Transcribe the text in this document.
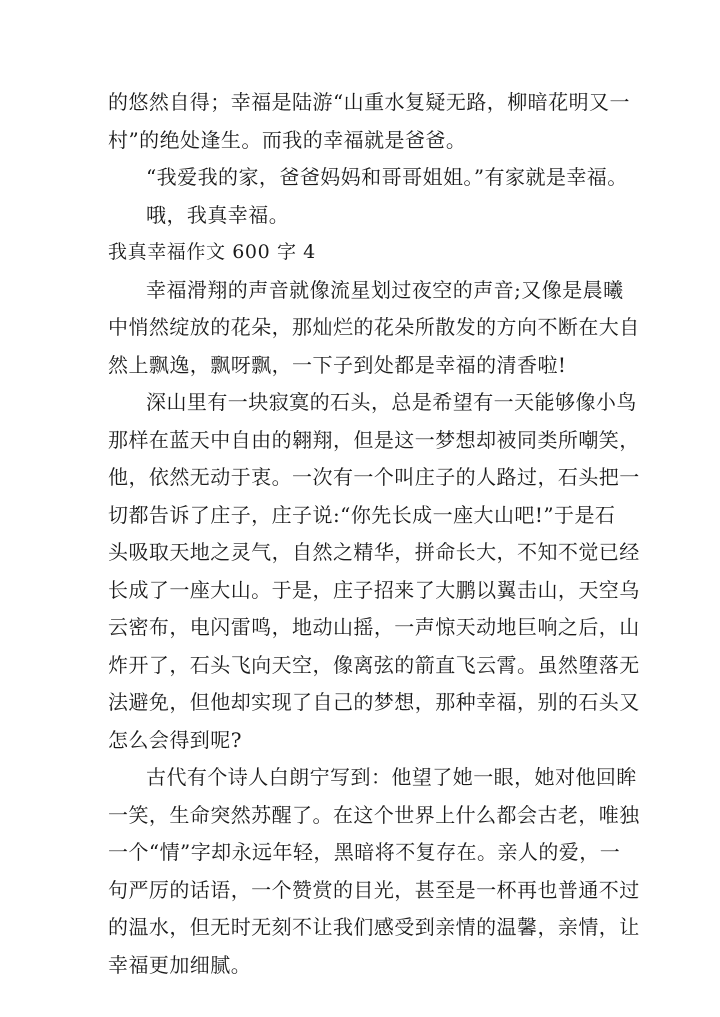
的悠然自得；幸福是陆游“山重水复疑无路，柳暗花明又一
村”的绝处逢生。而我的幸福就是爸爸。
“我爱我的家，爸爸妈妈和哥哥姐姐。”有家就是幸福。
哦，我真幸福。
我真幸福作文 600 字 4
幸福滑翔的声音就像流星划过夜空的声音;又像是晨曦
中悄然绽放的花朵，那灿烂的花朵所散发的方向不断在大自
然上飘逸，飘呀飘，一下子到处都是幸福的清香啦!
深山里有一块寂寞的石头，总是希望有一天能够像小鸟
那样在蓝天中自由的翱翔，但是这一梦想却被同类所嘲笑，
他，依然无动于衷。一次有一个叫庄子的人路过，石头把一
切都告诉了庄子，庄子说:“你先长成一座大山吧!”于是石
头吸取天地之灵气，自然之精华，拼命长大，不知不觉已经
长成了一座大山。于是，庄子招来了大鹏以翼击山，天空乌
云密布，电闪雷鸣，地动山摇，一声惊天动地巨响之后，山
炸开了，石头飞向天空，像离弦的箭直飞云霄。虽然堕落无
法避免，但他却实现了自己的梦想，那种幸福，别的石头又
怎么会得到呢?
古代有个诗人白朗宁写到：他望了她一眼，她对他回眸
一笑，生命突然苏醒了。在这个世界上什么都会古老，唯独
一个“情”字却永远年轻，黑暗将不复存在。亲人的爱，一
句严厉的话语，一个赞赏的目光，甚至是一杯再也普通不过
的温水，但无时无刻不让我们感受到亲情的温馨，亲情，让
幸福更加细腻。
